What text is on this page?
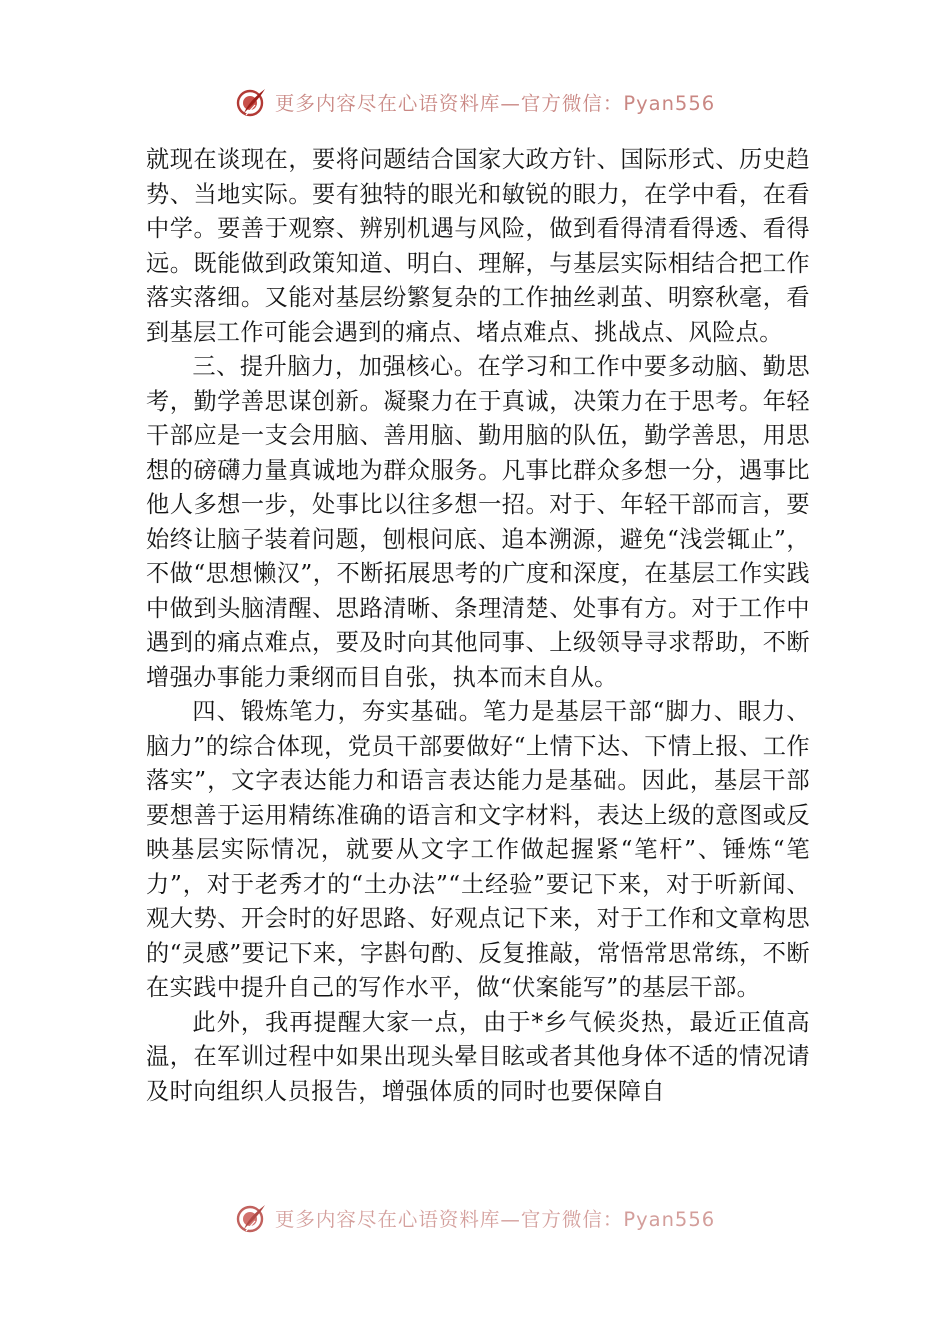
更多内容尽在心语资料库—官方微信：Pyan556

就现在谈现在，要将问题结合国家大政方针、国际形式、历史趋势、当地实际。要有独特的眼光和敏锐的眼力，在学中看，在看中学。要善于观察、辨别机遇与风险，做到看得清看得透、看得远。既能做到政策知道、明白、理解，与基层实际相结合把工作落实落细。又能对基层纷繁复杂的工作抽丝剥茧、明察秋毫，看到基层工作可能会遇到的痛点、堵点难点、挑战点、风险点。

三、提升脑力，加强核心。在学习和工作中要多动脑、勤思考，勤学善思谋创新。凝聚力在于真诚，决策力在于思考。年轻干部应是一支会用脑、善用脑、勤用脑的队伍，勤学善思，用思想的磅礴力量真诚地为群众服务。凡事比群众多想一分，遇事比他人多想一步，处事比以往多想一招。对于、年轻干部而言，要始终让脑子装着问题，刨根问底、追本溯源，避免“浅尝辄止”，不做“思想懒汉”，不断拓展思考的广度和深度，在基层工作实践中做到头脑清醒、思路清晰、条理清楚、处事有方。对于工作中遇到的痛点难点，要及时向其他同事、上级领导寻求帮助，不断增强办事能力秉纲而目自张，执本而末自从。

四、锻炼笔力，夯实基础。笔力是基层干部“脚力、眼力、脑力”的综合体现，党员干部要做好“上情下达、下情上报、工作落实”，文字表达能力和语言表达能力是基础。因此，基层干部要想善于运用精练准确的语言和文字材料，表达上级的意图或反映基层实际情况，就要从文字工作做起握紧“笔杆”、锤炼“笔力”，对于老秀才的“土办法”“土经验”要记下来，对于听新闻、观大势、开会时的好思路、好观点记下来，对于工作和文章构思的“灵感”要记下来，字斟句酌、反复推敲，常悟常思常练，不断在实践中提升自己的写作水平，做“伏案能写”的基层干部。

此外，我再提醒大家一点，由于*乡气候炎热，最近正值高温，在军训过程中如果出现头晕目眩或者其他身体不适的情况请及时向组织人员报告，增强体质的同时也要保障自

更多内容尽在心语资料库—官方微信：Pyan556
